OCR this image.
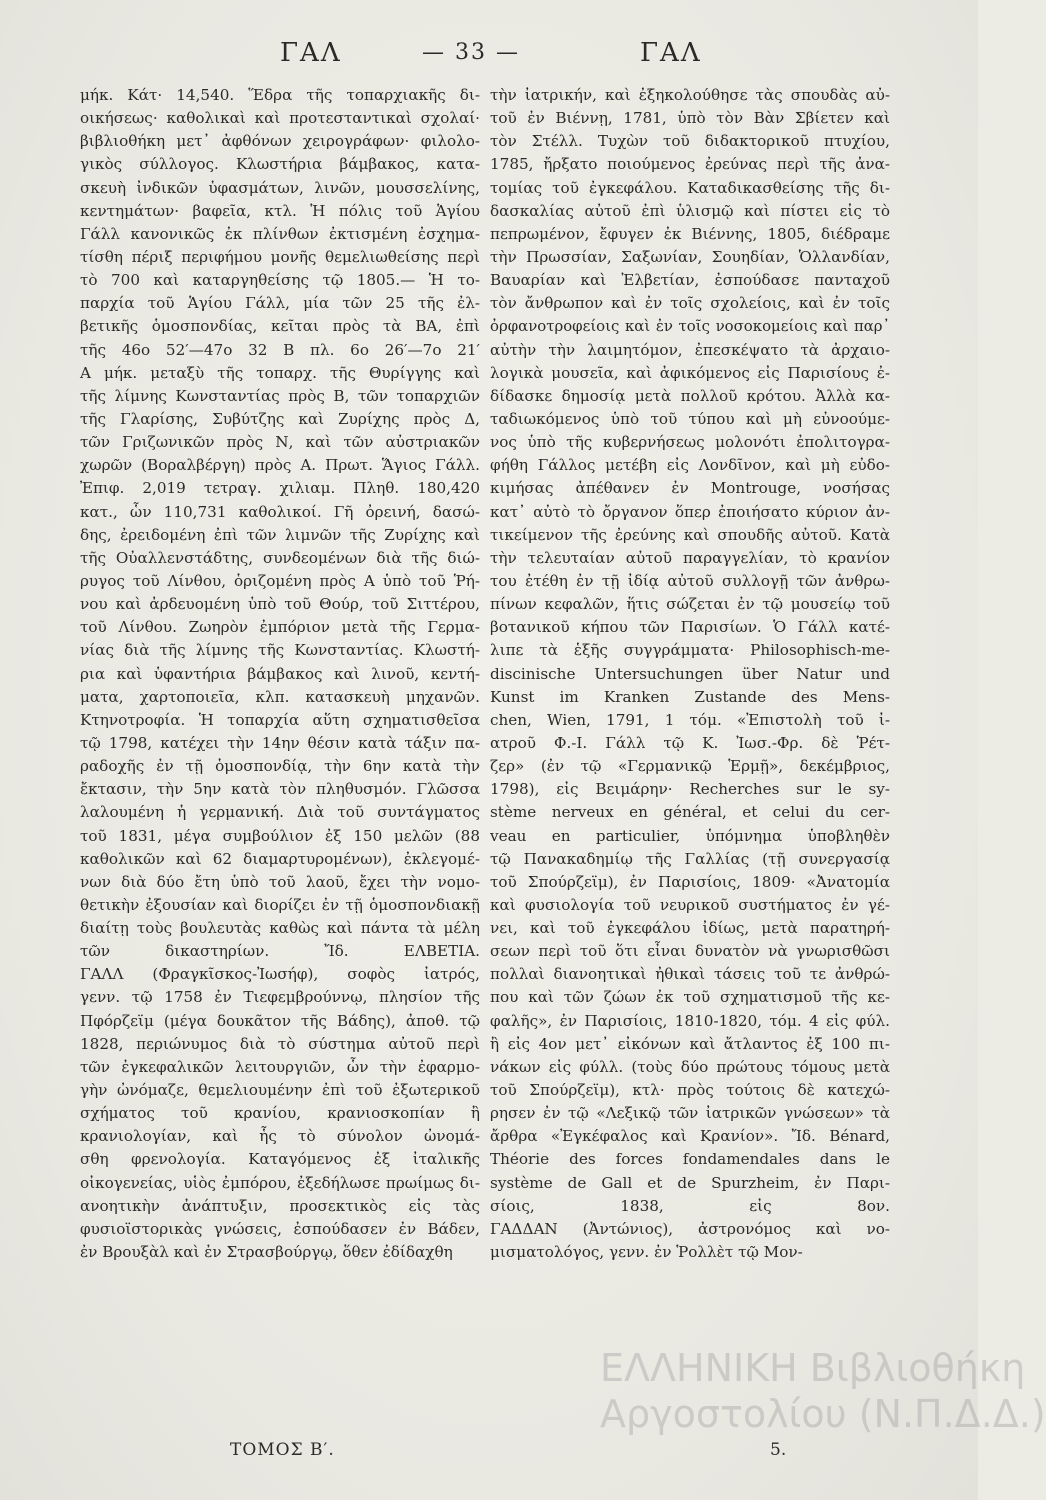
ΓΑΛ	— 33 —	ΓΑΛ
μήκ. Κάτ· 14,540. Ἕδρα τῆς τοπαρχιακῆς δι-
οικήσεως· καθολικαὶ καὶ προτεσταντικαὶ σχολαί·
βιβλιοθήκη μετ᾽ ἀφθόνων χειρογράφων· φιλολο-
γικὸς σύλλογος. Κλωστήρια βάμβακος, κατα-
σκευὴ ἰνδικῶν ὑφασμάτων, λινῶν, μουσσελίνης,
κεντημάτων· βαφεῖα, κτλ. Ἡ πόλις τοῦ Ἁγίου
Γάλλ κανονικῶς ἐκ πλίνθων ἐκτισμένη ἐσχημα-
τίσθη πέριξ περιφήμου μονῆς θεμελιωθείσης περὶ
τὸ 700 καὶ καταργηθείσης τῷ 1805.— Ἡ το-
παρχία τοῦ Ἁγίου Γάλλ, μία τῶν 25 τῆς ἐλ-
βετικῆς ὁμοσπονδίας, κεῖται πρὸς τὰ ΒΑ, ἐπὶ
τῆς 46ο 52′—47ο 32 Β πλ. 6ο 26′—7ο 21′
Α μήκ. μεταξὺ τῆς τοπαρχ. τῆς Θυρίγγης καὶ
τῆς λίμνης Κωνσταντίας πρὸς Β, τῶν τοπαρχιῶν
τῆς Γλαρίσης, Συβύτζης καὶ Ζυρίχης πρὸς Δ,
τῶν Γριζωνικῶν πρὸς Ν, καὶ τῶν αὐστριακῶν
χωρῶν (Βοραλβέργη) πρὸς Α. Πρωτ. Ἅγιος Γάλλ.
Ἐπιφ. 2,019 τετραγ. χιλιαμ. Πληθ. 180,420
κατ., ὧν 110,731 καθολικοί. Γῆ ὀρεινή, δασώ-
δης, ἐρειδομένη ἐπὶ τῶν λιμνῶν τῆς Ζυρίχης καὶ
τῆς Οὐαλλενστάδτης, συνδεομένων διὰ τῆς διώ-
ρυγος τοῦ Λίνθου, ὁριζομένη πρὸς Α ὑπὸ τοῦ Ῥή-
νου καὶ ἀρδευομένη ὑπὸ τοῦ Θούρ, τοῦ Σιττέρου,
τοῦ Λίνθου. Ζωηρὸν ἐμπόριον μετὰ τῆς Γερμα-
νίας διὰ τῆς λίμνης τῆς Κωνσταντίας. Κλωστή-
ρια καὶ ὑφαντήρια βάμβακος καὶ λινοῦ, κεντή-
ματα, χαρτοποιεῖα, κλπ. κατασκευὴ μηχανῶν.
Κτηνοτροφία. Ἡ τοπαρχία αὕτη σχηματισθεῖσα
τῷ 1798, κατέχει τὴν 14ην θέσιν κατὰ τάξιν πα-
ραδοχῆς ἐν τῇ ὁμοσπονδίᾳ, τὴν 6ην κατὰ τὴν
ἔκτασιν, τὴν 5ην κατὰ τὸν πληθυσμόν. Γλῶσσα
λαλουμένη ἡ γερμανική. Διὰ τοῦ συντάγματος
τοῦ 1831, μέγα συμβούλιον ἐξ 150 μελῶν (88
καθολικῶν καὶ 62 διαμαρτυρομένων), ἐκλεγομέ-
νων διὰ δύο ἔτη ὑπὸ τοῦ λαοῦ, ἔχει τὴν νομο-
θετικὴν ἐξουσίαν καὶ διορίζει ἐν τῇ ὁμοσπονδιακῇ
διαίτῃ τοὺς βουλευτὰς καθὼς καὶ πάντα τὰ μέλη
τῶν δικαστηρίων. Ἴδ. ΕΛΒΕΤΙΑ.
ΓΑΛΛ (Φραγκῖσκος-Ἰωσήφ), σοφὸς ἰατρός,
γενν. τῷ 1758 ἐν Τιεφεμβρούννῳ, πλησίον τῆς
Πφόρζεϊμ (μέγα δουκᾶτον τῆς Βάδης), ἀποθ. τῷ
1828, περιώνυμος διὰ τὸ σύστημα αὐτοῦ περὶ
τῶν ἐγκεφαλικῶν λειτουργιῶν, ὧν τὴν ἐφαρμο-
γὴν ὠνόμαζε, θεμελιουμένην ἐπὶ τοῦ ἐξωτερικοῦ
σχήματος τοῦ κρανίου, κρανιοσκοπίαν ἢ
κρανιολογίαν, καὶ ἧς τὸ σύνολον ὠνομά-
σθη φρενολογία. Καταγόμενος ἐξ ἰταλικῆς
οἰκογενείας, υἱὸς ἐμπόρου, ἐξεδήλωσε πρωίμως δι-
ανοητικὴν ἀνάπτυξιν, προσεκτικὸς εἰς τὰς
φυσιοϊστορικὰς γνώσεις, ἐσπούδασεν ἐν Βάδεν,
ἐν Βρουξὰλ καὶ ἐν Στρασβούργῳ, ὅθεν ἐδίδαχθη
τὴν ἰατρικήν, καὶ ἐξηκολούθησε τὰς σπουδὰς αὐ-
τοῦ ἐν Βιέννῃ, 1781, ὑπὸ τὸν Βὰν Σβίετεν καὶ
τὸν Στέλλ. Τυχὼν τοῦ διδακτορικοῦ πτυχίου,
1785, ἤρξατο ποιούμενος ἐρεύνας περὶ τῆς ἀνα-
τομίας τοῦ ἐγκεφάλου. Καταδικασθείσης τῆς δι-
δασκαλίας αὐτοῦ ἐπὶ ὑλισμῷ καὶ πίστει εἰς τὸ
πεπρωμένον, ἔφυγεν ἐκ Βιέννης, 1805, διέδραμε
τὴν Πρωσσίαν, Σαξωνίαν, Σουηδίαν, Ὁλλανδίαν,
Βαυαρίαν καὶ Ἐλβετίαν, ἐσπούδασε πανταχοῦ
τὸν ἄνθρωπον καὶ ἐν τοῖς σχολείοις, καὶ ἐν τοῖς
ὀρφανοτροφείοις καὶ ἐν τοῖς νοσοκομείοις καὶ παρ᾽
αὐτὴν τὴν λαιμητόμον, ἐπεσκέψατο τὰ ἀρχαιο-
λογικὰ μουσεῖα, καὶ ἀφικόμενος εἰς Παρισίους ἐ-
δίδασκε δημοσίᾳ μετὰ πολλοῦ κρότου. Ἀλλὰ κα-
ταδιωκόμενος ὑπὸ τοῦ τύπου καὶ μὴ εὐνοούμε-
νος ὑπὸ τῆς κυβερνήσεως μολονότι ἐπολιτογρα-
φήθη Γάλλος μετέβη εἰς Λονδῖνον, καὶ μὴ εὐδο-
κιμήσας ἀπέθανεν ἐν Montrouge, νοσήσας
κατ᾽ αὐτὸ τὸ ὄργανον ὅπερ ἐποιήσατο κύριον ἀν-
τικείμενον τῆς ἐρεύνης καὶ σπουδῆς αὐτοῦ. Κατὰ
τὴν τελευταίαν αὐτοῦ παραγγελίαν, τὸ κρανίον
του ἐτέθη ἐν τῇ ἰδίᾳ αὐτοῦ συλλογῇ τῶν ἀνθρω-
πίνων κεφαλῶν, ἥτις σώζεται ἐν τῷ μουσείῳ τοῦ
βοτανικοῦ κήπου τῶν Παρισίων. Ὁ Γάλλ κατέ-
λιπε τὰ ἑξῆς συγγράμματα· Philosophisch-me-
discinische Untersuchungen über Natur und
Kunst im Kranken Zustande des Mens-
chen, Wien, 1791, 1 τόμ. «Ἐπιστολὴ τοῦ ἰ-
ατροῦ Φ.-Ι. Γάλλ τῷ Κ. Ἰωσ.-Φρ. δὲ Ῥέτ-
ζερ» (ἐν τῷ «Γερμανικῷ Ἑρμῇ», δεκέμβριος,
1798), εἰς Βειμάρην· Recherches sur le sy-
stème nerveux en général, et celui du cer-
veau en particulier, ὑπόμνημα ὑποβληθὲν
τῷ Πανακαδημίῳ τῆς Γαλλίας (τῇ συνεργασίᾳ
τοῦ Σπούρζεϊμ), ἐν Παρισίοις, 1809· «Ἀνατομία
καὶ φυσιολογία τοῦ νευρικοῦ συστήματος ἐν γέ-
νει, καὶ τοῦ ἐγκεφάλου ἰδίως, μετὰ παρατηρή-
σεων περὶ τοῦ ὅτι εἶναι δυνατὸν νὰ γνωρισθῶσι
πολλαὶ διανοητικαὶ ἠθικαὶ τάσεις τοῦ τε ἀνθρώ-
που καὶ τῶν ζώων ἐκ τοῦ σχηματισμοῦ τῆς κε-
φαλῆς», ἐν Παρισίοις, 1810-1820, τόμ. 4 εἰς φύλ.
ἢ εἰς 4ον μετ᾽ εἰκόνων καὶ ἄτλαντος ἐξ 100 πι-
νάκων εἰς φύλλ. (τοὺς δύο πρώτους τόμους μετὰ
τοῦ Σπούρζεϊμ), κτλ· πρὸς τούτοις δὲ κατεχώ-
ρησεν ἐν τῷ «Λεξικῷ τῶν ἰατρικῶν γνώσεων» τὰ
ἄρθρα «Ἐγκέφαλος καὶ Κρανίον». Ἴδ. Bénard,
Théorie des forces fondamendales dans le
système de Gall et de Spurzheim, ἐν Παρι-
σίοις, 1838, εἰς 8ον.
ΓΑΔΔΑΝ (Ἀντώνιος), ἀστρονόμος καὶ νο-
μισματολόγος, γενν. ἐν Ῥολλὲτ τῷ Μον-
ΕΛΛΗΝΙΚΗ Βιβλιοθήκη
Αργοστολίου (Ν.Π.Δ.Δ.)
ΤΟΜΟΣ Β′.	5.
